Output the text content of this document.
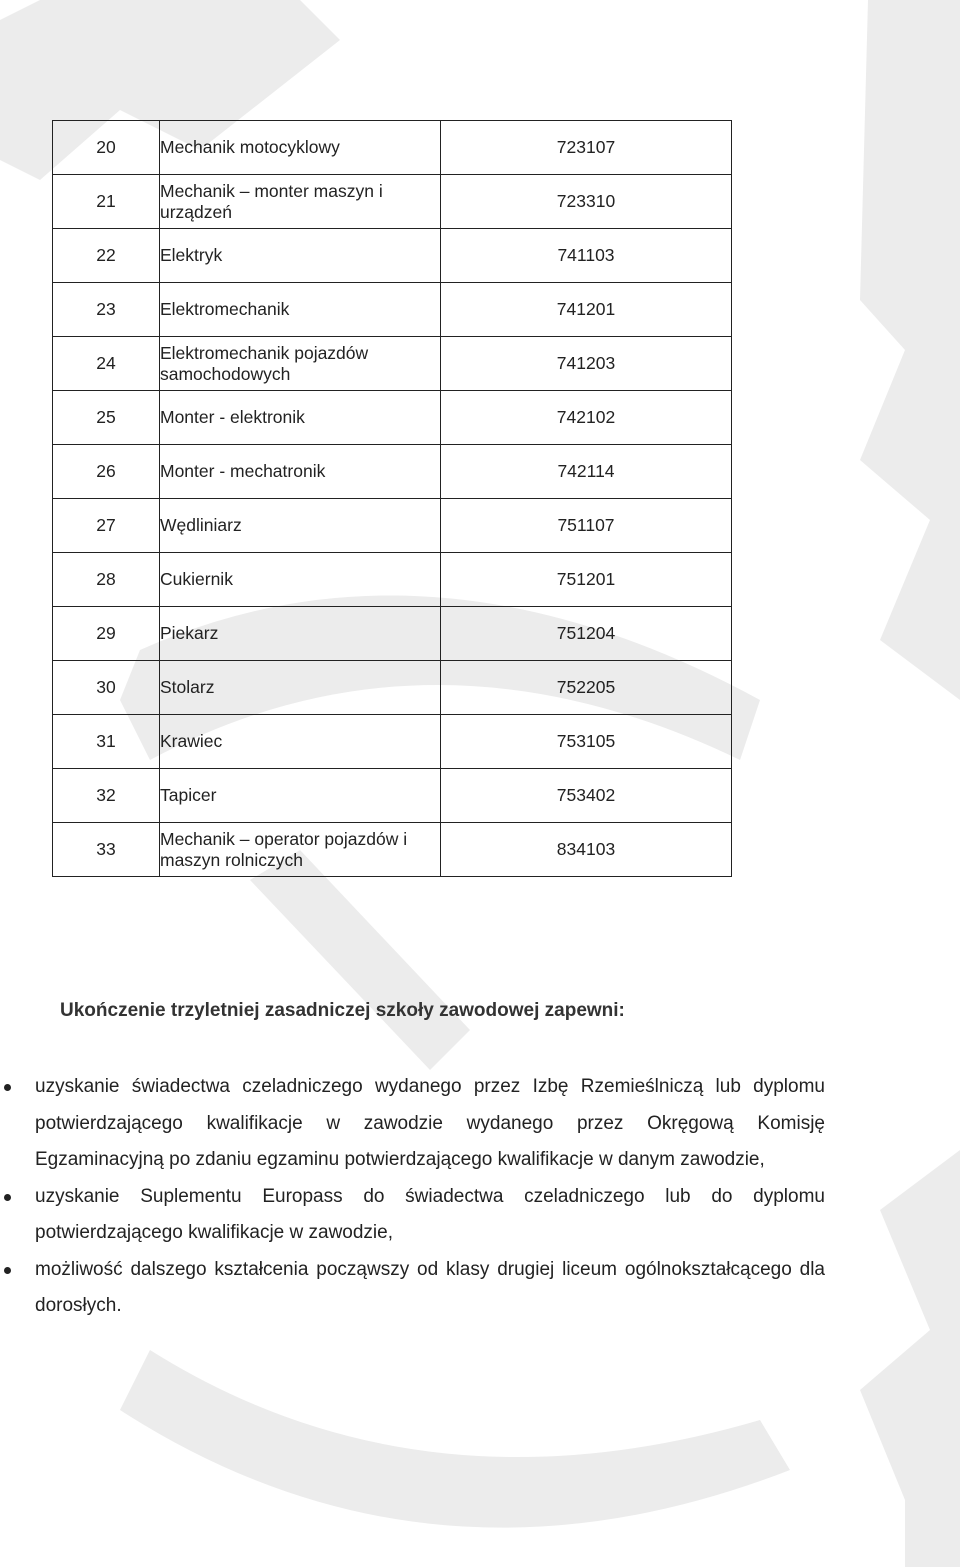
20	Mechanik motocyklowy	723107
21	Mechanik – monter maszyn i urządzeń	723310
22	Elektryk	741103
23	Elektromechanik	741201
24	Elektromechanik pojazdów samochodowych	741203
25	Monter - elektronik	742102
26	Monter - mechatronik	742114
27	Wędliniarz	751107
28	Cukiernik	751201
29	Piekarz	751204
30	Stolarz	752205
31	Krawiec	753105
32	Tapicer	753402
33	Mechanik – operator pojazdów i maszyn rolniczych	834103
Ukończenie trzyletniej zasadniczej szkoły zawodowej zapewni:
uzyskanie świadectwa czeladniczego wydanego przez Izbę Rzemieślniczą lub dyplomu potwierdzającego kwalifikacje w zawodzie wydanego przez Okręgową Komisję Egzaminacyjną po zdaniu egzaminu potwierdzającego kwalifikacje w danym zawodzie,
uzyskanie Suplementu Europass do świadectwa czeladniczego lub do dyplomu potwierdzającego kwalifikacje w zawodzie,
możliwość dalszego kształcenia począwszy od klasy drugiej liceum ogólnokształcącego dla dorosłych.
